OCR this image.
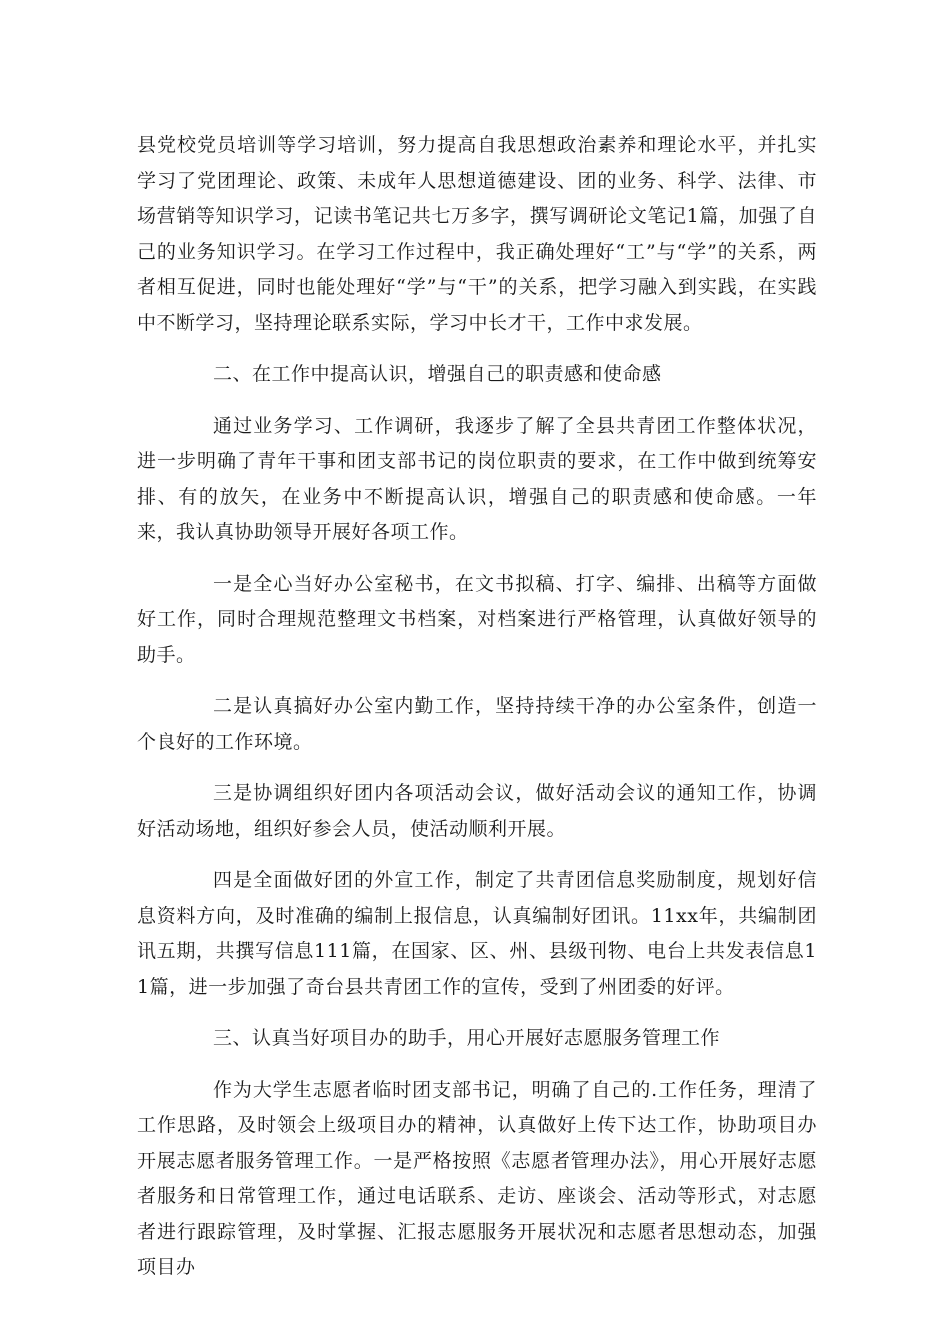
县党校党员培训等学习培训，努力提高自我思想政治素养和理论水平，并扎实学习了党团理论、政策、未成年人思想道德建设、团的业务、科学、法律、市场营销等知识学习，记读书笔记共七万多字，撰写调研论文笔记1篇，加强了自己的业务知识学习。在学习工作过程中，我正确处理好“工”与“学”的关系，两者相互促进，同时也能处理好“学”与“干”的关系，把学习融入到实践，在实践中不断学习，坚持理论联系实际，学习中长才干，工作中求发展。

二、在工作中提高认识，增强自己的职责感和使命感

通过业务学习、工作调研，我逐步了解了全县共青团工作整体状况，进一步明确了青年干事和团支部书记的岗位职责的要求，在工作中做到统筹安排、有的放矢，在业务中不断提高认识，增强自己的职责感和使命感。一年来，我认真协助领导开展好各项工作。

一是全心当好办公室秘书，在文书拟稿、打字、编排、出稿等方面做好工作，同时合理规范整理文书档案，对档案进行严格管理，认真做好领导的助手。

二是认真搞好办公室内勤工作，坚持持续干净的办公室条件，创造一个良好的工作环境。

三是协调组织好团内各项活动会议，做好活动会议的通知工作，协调好活动场地，组织好参会人员，使活动顺利开展。

四是全面做好团的外宣工作，制定了共青团信息奖励制度，规划好信息资料方向，及时准确的编制上报信息，认真编制好团讯。11xx年，共编制团讯五期，共撰写信息111篇，在国家、区、州、县级刊物、电台上共发表信息11篇，进一步加强了奇台县共青团工作的宣传，受到了州团委的好评。

三、认真当好项目办的助手，用心开展好志愿服务管理工作

作为大学生志愿者临时团支部书记，明确了自己的.工作任务，理清了工作思路，及时领会上级项目办的精神，认真做好上传下达工作，协助项目办开展志愿者服务管理工作。一是严格按照《志愿者管理办法》，用心开展好志愿者服务和日常管理工作，通过电话联系、走访、座谈会、活动等形式，对志愿者进行跟踪管理，及时掌握、汇报志愿服务开展状况和志愿者思想动态，加强项目办
